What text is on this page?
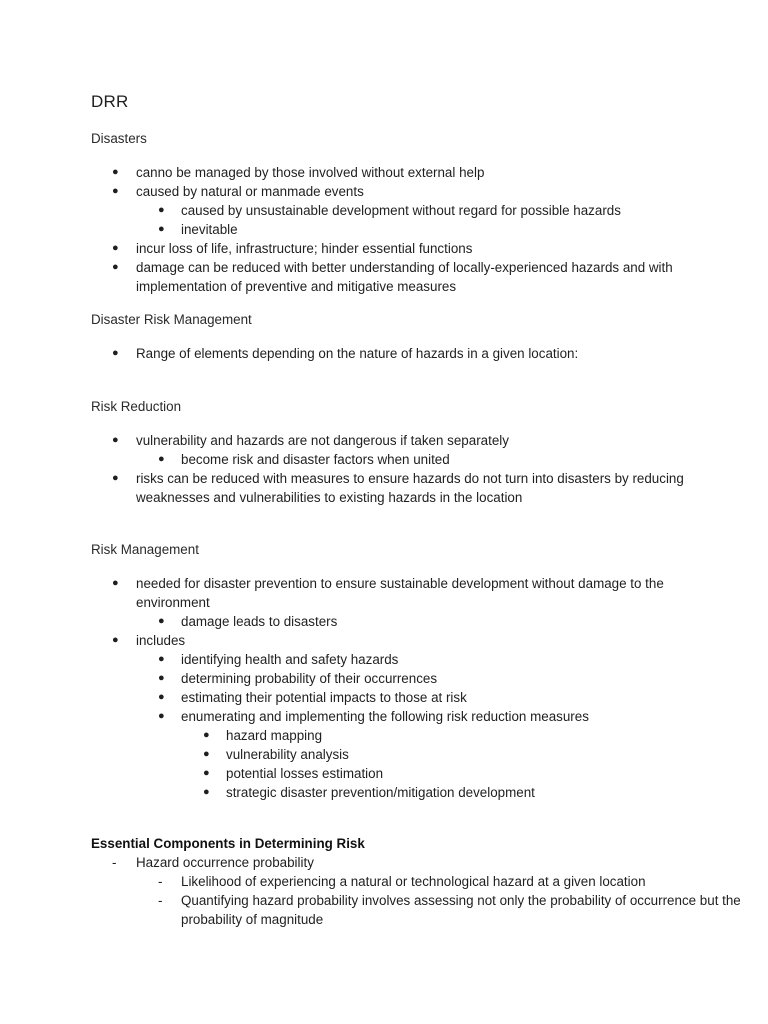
DRR

Disasters

● canno be managed by those involved without external help
● caused by natural or manmade events
● caused by unsustainable development without regard for possible hazards
● inevitable
● incur loss of life, infrastructure; hinder essential functions
● damage can be reduced with better understanding of locally-experienced hazards and with implementation of preventive and mitigative measures

Disaster Risk Management

● Range of elements depending on the nature of hazards in a given location:

Risk Reduction

● vulnerability and hazards are not dangerous if taken separately
● become risk and disaster factors when united
● risks can be reduced with measures to ensure hazards do not turn into disasters by reducing weaknesses and vulnerabilities to existing hazards in the location

Risk Management

● needed for disaster prevention to ensure sustainable development without damage to the environment
● damage leads to disasters
● includes
● identifying health and safety hazards
● determining probability of their occurrences
● estimating their potential impacts to those at risk
● enumerating and implementing the following risk reduction measures
● hazard mapping
● vulnerability analysis
● potential losses estimation
● strategic disaster prevention/mitigation development

Essential Components in Determining Risk

- Hazard occurrence probability
- Likelihood of experiencing a natural or technological hazard at a given location
- Quantifying hazard probability involves assessing not only the probability of occurrence but the probability of magnitude
